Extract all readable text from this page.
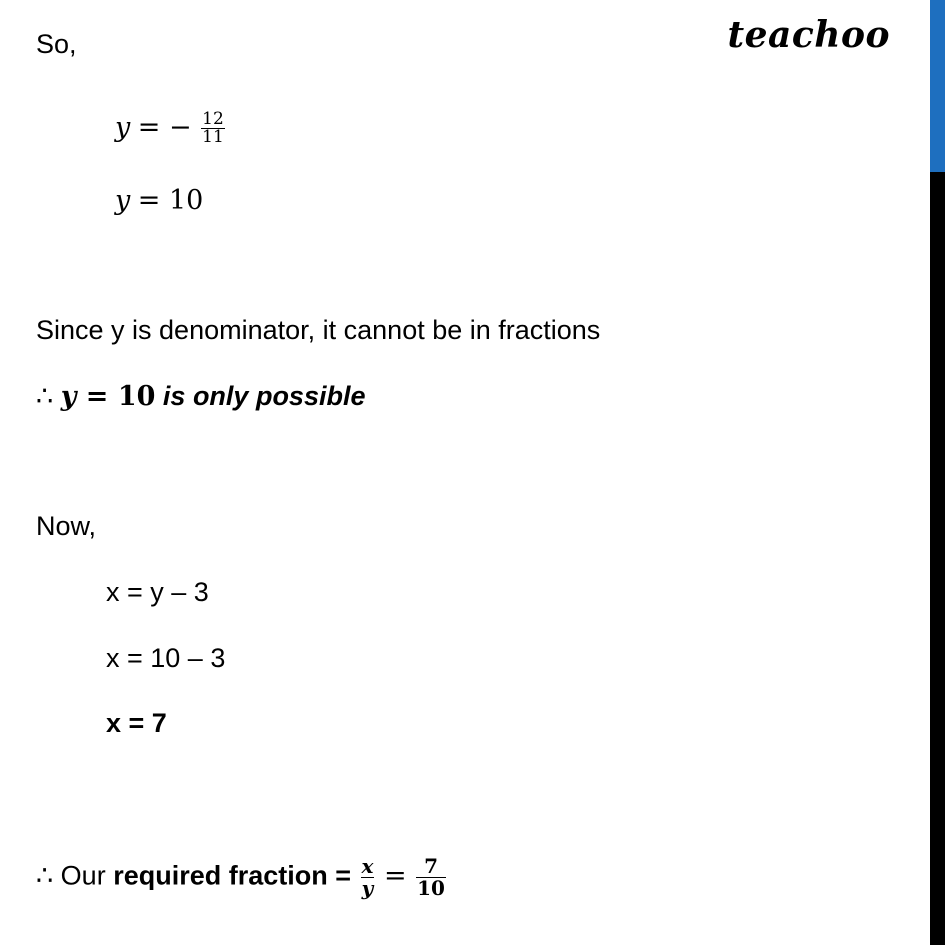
teachoo
So,
y = − $\frac{12}{11}$
y = 10
Since y is denominator, it cannot be in fractions
∴ y = 10 is only possible
Now,
x = y – 3
x = 10 – 3
x = 7
∴ Our required fraction = $\frac{x}{y} = \frac{7}{10}$
